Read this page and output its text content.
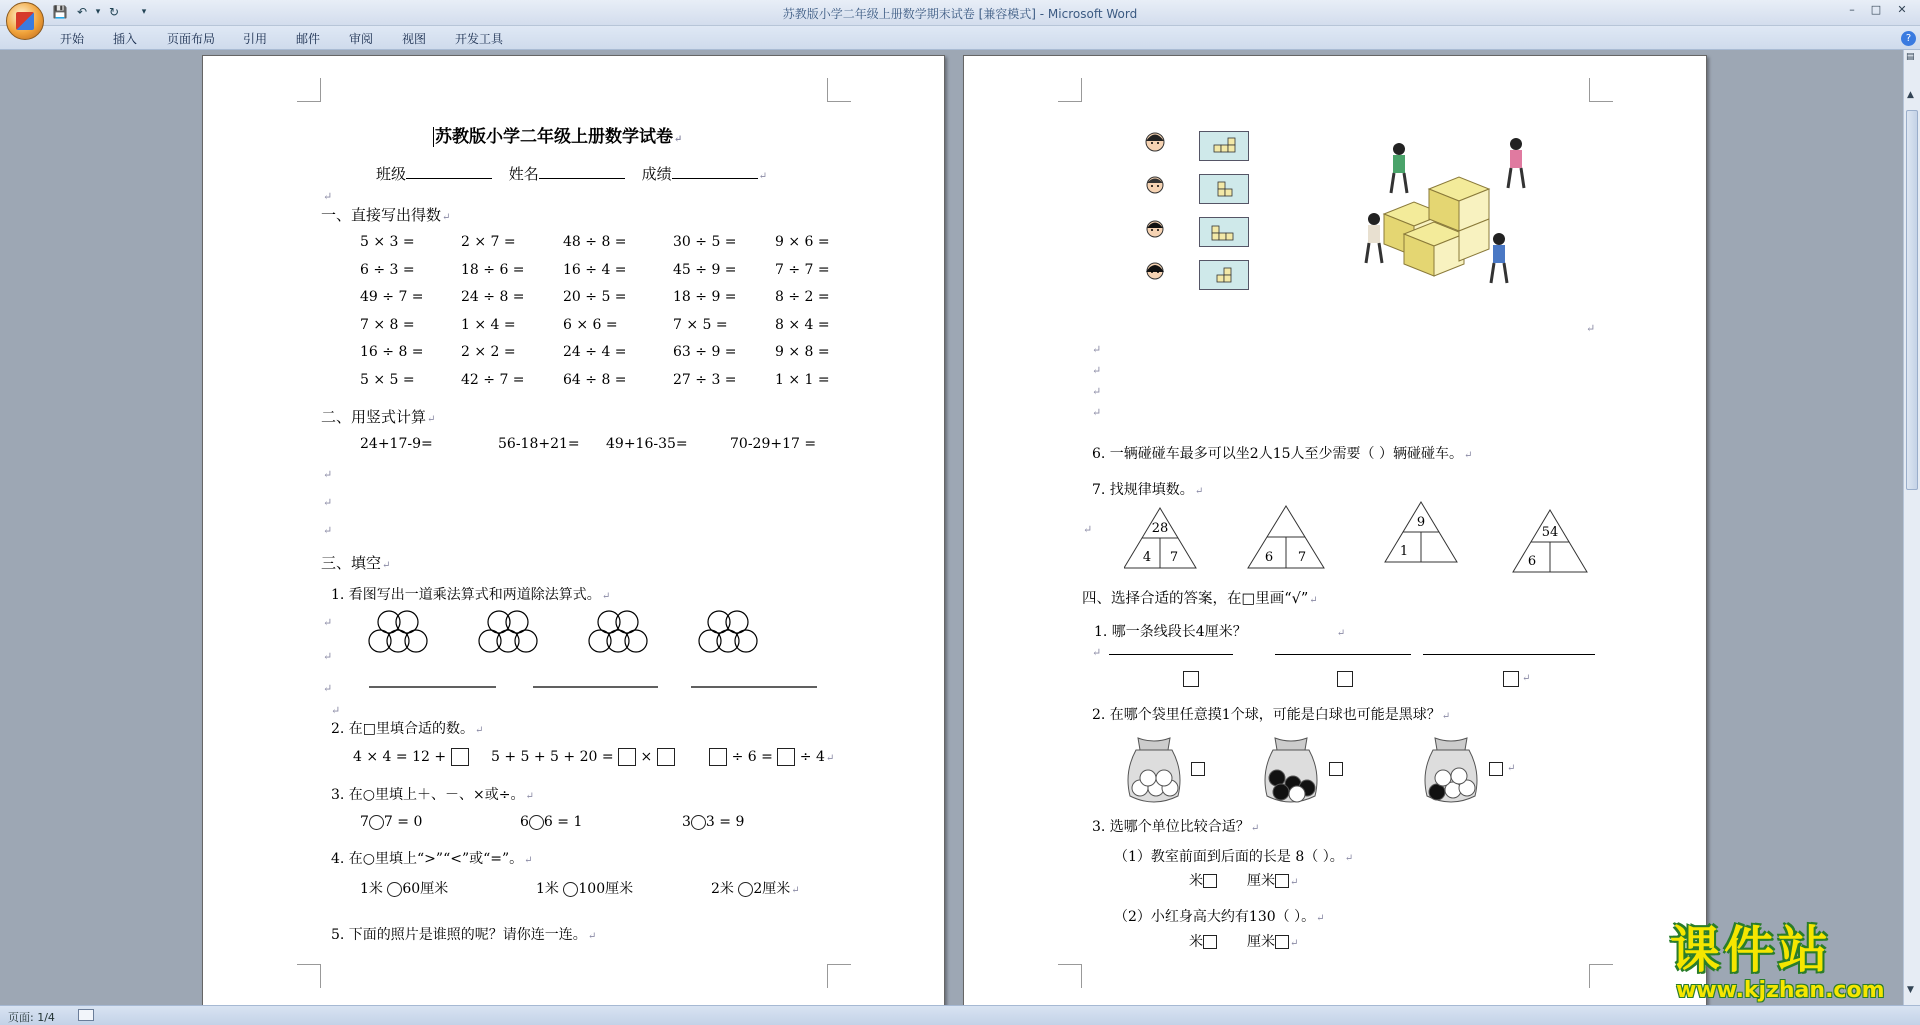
💾 ↶ ▾ ↻	▾	苏教版小学二年级上册数学期末试卷 [兼容模式] - Microsoft Word	–	□	✕
开始 插入 页面布局 引用 邮件 审阅 视图 开发工具	?
苏教版小学二年级上册数学试卷↵
班级	姓名	成绩	↵
↵
一、直接写出得数↵
5 × 3 =	2 × 7 =	48 ÷ 8 =	30 ÷ 5 =	9 × 6 =
6 ÷ 3 =	18 ÷ 6 =	16 ÷ 4 =	45 ÷ 9 =	7 ÷ 7 =
49 ÷ 7 =	24 ÷ 8 =	20 ÷ 5 =	18 ÷ 9 =	8 ÷ 2 =
7 × 8 =	1 × 4 =	6 × 6 =	7 × 5 =	8 × 4 =
16 ÷ 8 =	2 × 2 =	24 ÷ 4 =	63 ÷ 9 =	9 × 8 =
5 × 5 =	42 ÷ 7 =	64 ÷ 8 =	27 ÷ 3 =	1 × 1 =
二、用竖式计算↵
24+17-9=	56-18+21= 49+16-35=	70-29+17 =
↵
↵
↵
三、填空↵
1. 看图写出一道乘法算式和两道除法算式。↵
↵
↵
↵
↵
2. 在□里填合适的数。↵
4 × 4 = 12 +	5 + 5 + 5 + 20 = ×	÷ 6 = ÷ 4↵
3. 在○里填上＋、－、×或÷。↵
7 7 = 0	6 6 = 1	3 3 = 9
4. 在○里填上“>”“<”或“=”。↵
1米 60厘米	1米 100厘米	2米 2厘米↵
5. 下面的照片是谁照的呢？请你连一连。↵
↵
↵
↵
↵
↵
6. 一辆碰碰车最多可以坐2人15人至少需要（ ）辆碰碰车。↵
7. 找规律填数。↵
↵	28
4 7	6 7
9
1
54
6
四、选择合适的答案，在□里画“√”↵
1. 哪一条线段长4厘米？	↵
↵
↵
2. 在哪个袋里任意摸1个球，可能是白球也可能是黑球？↵
↵
3. 选哪个单位比较合适？↵
（1）教室前面到后面的长是 8（ ）。↵
米	厘米 ↵
（2）小红身高大约有130（ ）。↵
米	厘米 ↵
▤
▲
▼
页面: 1/4
课件站
www.kjzhan.com
